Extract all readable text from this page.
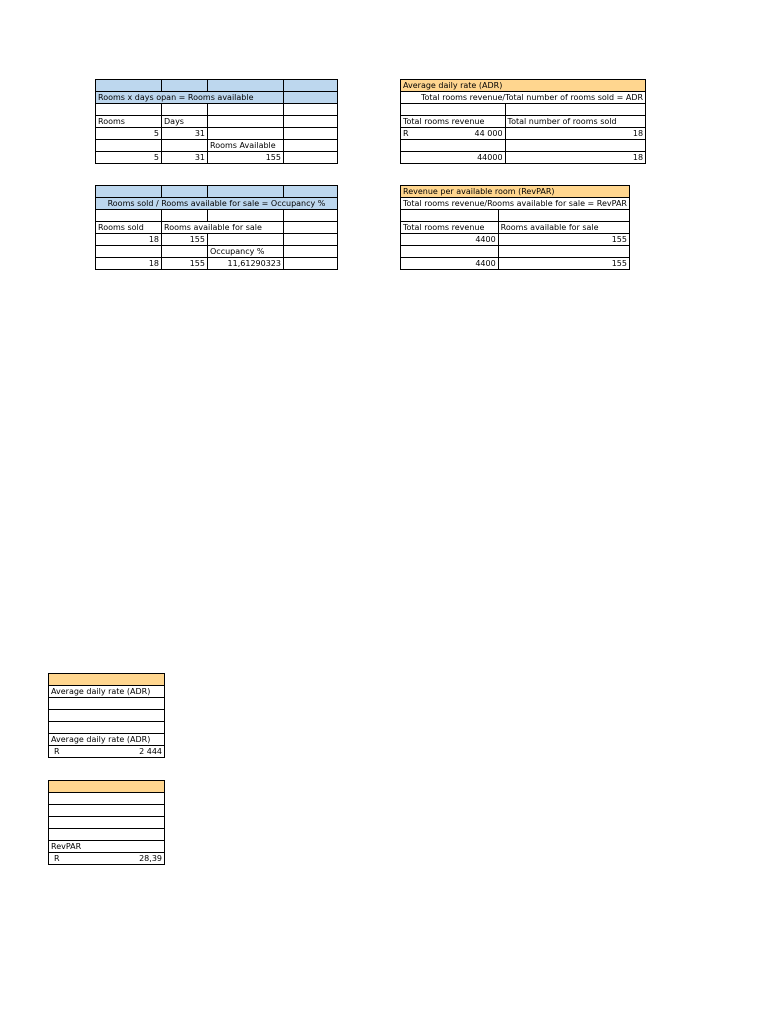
Rooms x days opan = Rooms available			

Rooms	Days		
5	31		
		Rooms Available	
5	31	155	

Rooms sold / Rooms available for sale = Occupancy %			

Rooms sold	Rooms available for sale		
18	155		
		Occupancy %	
18	155	11,61290323	
Average daily rate (ADR)	
Total rooms revenue/Total number of rooms sold = ADR	

Total rooms revenue	Total number of rooms sold
R 44 000	18

44000	18
Revenue per available room (RevPAR)	
Total rooms revenue/Rooms available for sale = RevPAR	

Total rooms revenue	Rooms available for sale
4400	155

4400	155

Average daily rate (ADR)

Average daily rate (ADR)
R	2 444

RevPAR
R	28,39
